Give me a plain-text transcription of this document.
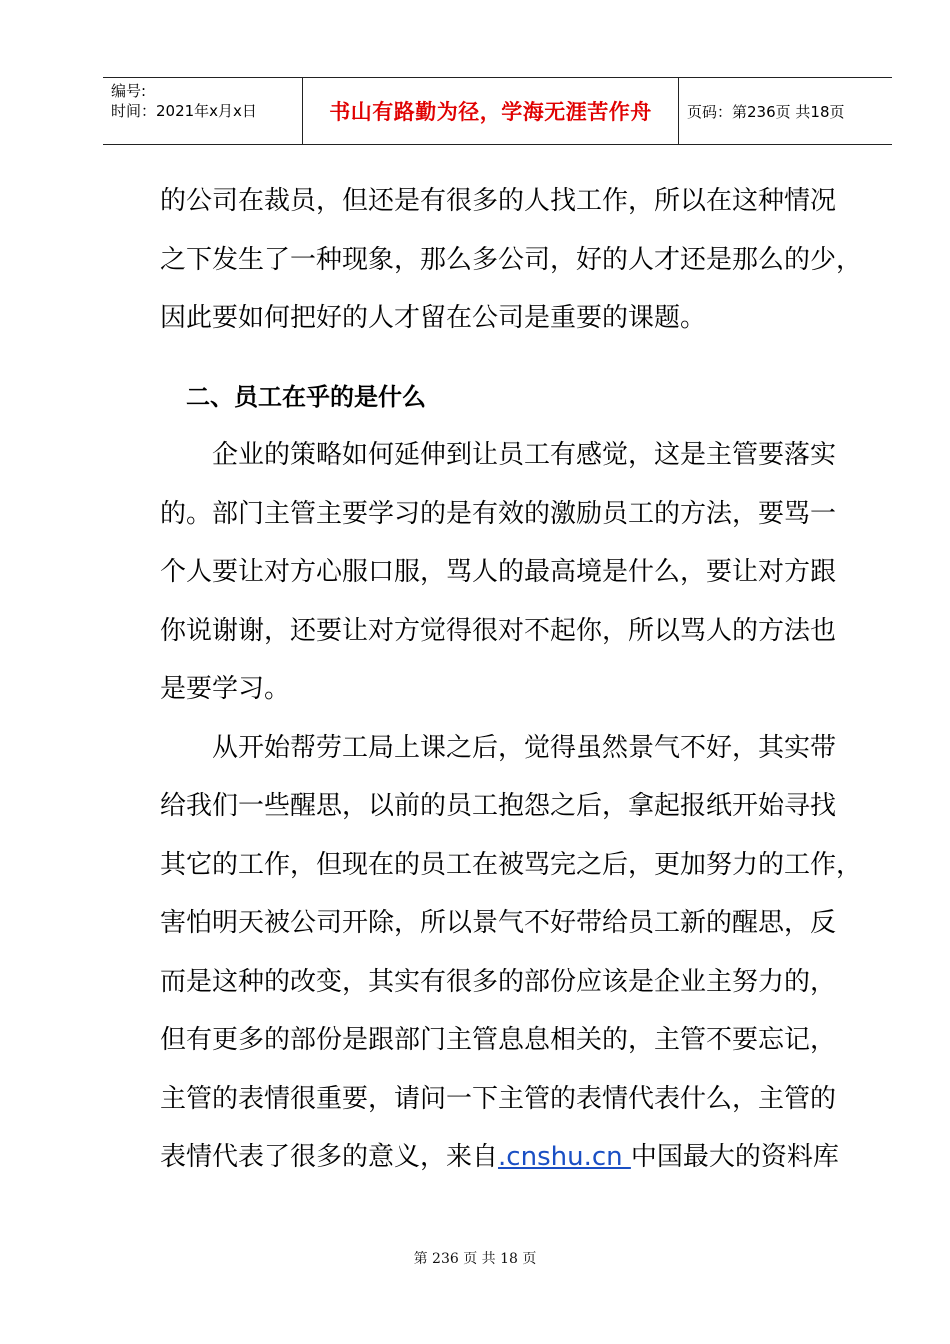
编号:
时间：2021年x月x日	书山有路勤为径，学海无涯苦作舟	页码：第236页 共18页

的公司在裁员，但还是有很多的人找工作，所以在这种情况

之下发生了一种现象，那么多公司，好的人才还是那么的少，

因此要如何把好的人才留在公司是重要的课题。

二、员工在乎的是什么

企业的策略如何延伸到让员工有感觉，这是主管要落实

的。部门主管主要学习的是有效的激励员工的方法，要骂一

个人要让对方心服口服，骂人的最高境是什么，要让对方跟

你说谢谢，还要让对方觉得很对不起你，所以骂人的方法也

是要学习。

从开始帮劳工局上课之后，觉得虽然景气不好，其实带

给我们一些醒思，以前的员工抱怨之后，拿起报纸开始寻找

其它的工作，但现在的员工在被骂完之后，更加努力的工作，

害怕明天被公司开除，所以景气不好带给员工新的醒思，反

而是这种的改变，其实有很多的部份应该是企业主努力的，

但有更多的部份是跟部门主管息息相关的，主管不要忘记，

主管的表情很重要，请问一下主管的表情代表什么，主管的

表情代表了很多的意义，来自.cnshu.cn 中国最大的资料库

第 236 页 共 18 页
